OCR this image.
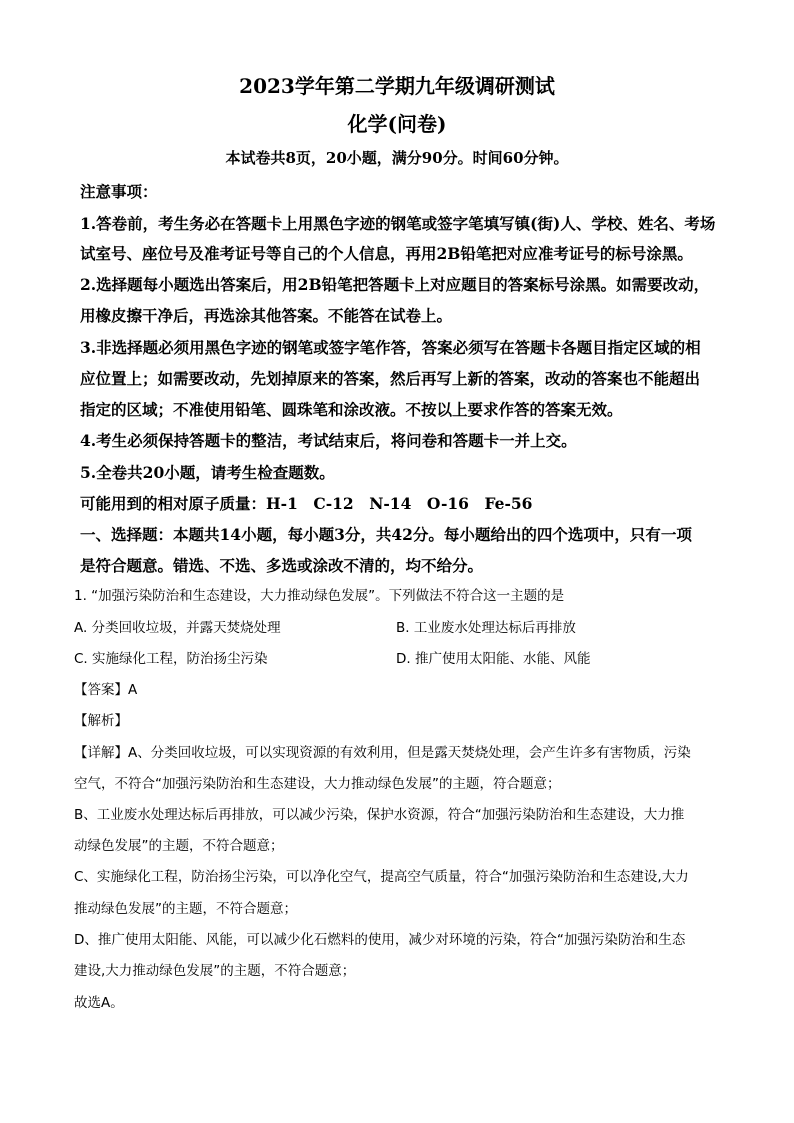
2023学年第二学期九年级调研测试
化学(问卷)
本试卷共8页，20小题，满分90分。时间60分钟。
注意事项：
1.答卷前，考生务必在答题卡上用黑色字迹的钢笔或签字笔填写镇(街)人、学校、姓名、考场
试室号、座位号及准考证号等自己的个人信息，再用2B铅笔把对应准考证号的标号涂黑。
2.选择题每小题选出答案后，用2B铅笔把答题卡上对应题目的答案标号涂黑。如需要改动，
用橡皮擦干净后，再选涂其他答案。不能答在试卷上。
3.非选择题必须用黑色字迹的钢笔或签字笔作答，答案必须写在答题卡各题目指定区域的相
应位置上；如需要改动，先划掉原来的答案，然后再写上新的答案，改动的答案也不能超出
指定的区域；不准使用铅笔、圆珠笔和涂改液。不按以上要求作答的答案无效。
4.考生必须保持答题卡的整洁，考试结束后，将问卷和答题卡一并上交。
5.全卷共20小题，请考生检查题数。
可能用到的相对原子质量：H-1　C-12　N-14　O-16　Fe-56
一、选择题：本题共14小题，每小题3分，共42分。每小题给出的四个选项中，只有一项
是符合题意。错选、不选、多选或涂改不清的，均不给分。
1. “加强污染防治和生态建设，大力推动绿色发展”。下列做法不符合这一主题的是
A. 分类回收垃圾，并露天焚烧处理	B. 工业废水处理达标后再排放
C. 实施绿化工程，防治扬尘污染	D. 推广使用太阳能、水能、风能
【答案】A
【解析】
【详解】A、分类回收垃圾，可以实现资源的有效利用，但是露天焚烧处理，会产生许多有害物质，污染
空气，不符合“加强污染防治和生态建设，大力推动绿色发展”的主题，符合题意；
B、工业废水处理达标后再排放，可以减少污染，保护水资源，符合“加强污染防治和生态建设，大力推
动绿色发展”的主题，不符合题意；
C、实施绿化工程，防治扬尘污染，可以净化空气，提高空气质量，符合“加强污染防治和生态建设,大力
推动绿色发展”的主题，不符合题意；
D、推广使用太阳能、风能，可以减少化石燃料的使用，减少对环境的污染，符合“加强污染防治和生态
建设,大力推动绿色发展”的主题，不符合题意；
故选A。
